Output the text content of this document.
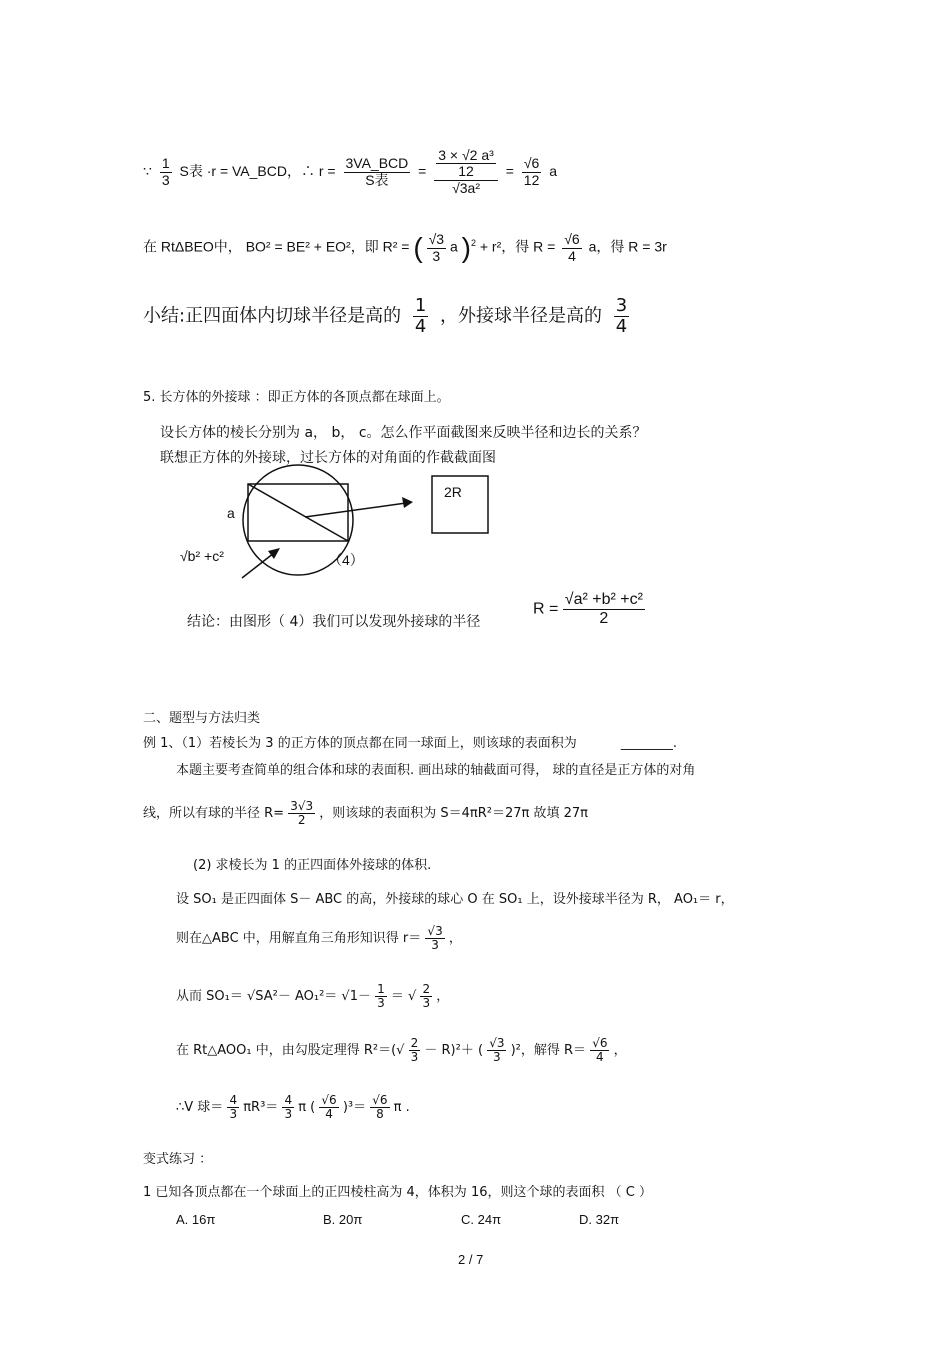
∵ $\frac{1}{3}$ S表 ·r = VA_BCD，∴ $r = \frac{\text{3VA\_BCD}}{\text{S表}} = \frac{\frac{\text{3 × √2 a³}}{12}}{\text{√3a²}} = \frac{√6}{12}$ a
在 RtΔBEO中， BO² = BE² + EO²，即 R² = ( $\frac{√3}{3}$ a )$^2$ + r²，得 $R = \frac{√6}{4}$ a，得 R = 3r
小结:正四面体内切球半径是高的 $\frac{1}{4}$ ，外接球半径是高的 $\frac{3}{4}$
5. 长方体的外接球 ：即正方体的各顶点都在球面上。
设长方体的棱长分别为 a， b， c。怎么作平面截图来反映半径和边长的关系？
联想正方体的外接球，过长方体的对角面的作截截面图
a
√b² +c²	（4）
2R
结论：由图形（ 4）我们可以发现外接球的半径
$R = \frac{\text{√a² +b² +c²}}{2}$
二、题型与方法归类
例 1、（1）若棱长为 3 的正方体的顶点都在同一球面上，则该球的表面积为	________.
本题主要考查简单的组合体和球的表面积. 画出球的轴截面可得， 球的直径是正方体的对角
线，所以有球的半径 $R= \frac{3√3}{2}$ ，则该球的表面积为 S＝4πR²＝27π 故填 27π
(2) 求棱长为 1 的正四面体外接球的体积.
设 SO₁ 是正四面体 S－ ABC 的高，外接球的球心 O 在 SO₁ 上，设外接球半径为 R， AO₁＝ r，
则在△ABC 中，用解直角三角形知识得 $r= \frac{√3}{3}$ ，
从而 $SO_1= √SA^2- AO_1^2= √1- \frac{1}{3}$ ＝ √ $\frac{2}{3}$ ，
在 Rt△AOO₁ 中，由勾股定理得 $R^2=(√ \frac{2}{3} - R)^2+$ ( $\frac{√3}{3} )^2$，解得 $R= \frac{√6}{4}$ ，
∴V 球＝ $\frac{4}{3} \pi R^3= \frac{4}{3}$ π ( $\frac{√6}{4} )^3= \frac{√6}{8}$ π .
变式练习 ：
1 已知各顶点都在一个球面上的正四棱柱高为 4，体积为 16，则这个球的表面积 （ C ）
A. 16π	B. 20π	C. 24π	D. 32π
2 / 7
